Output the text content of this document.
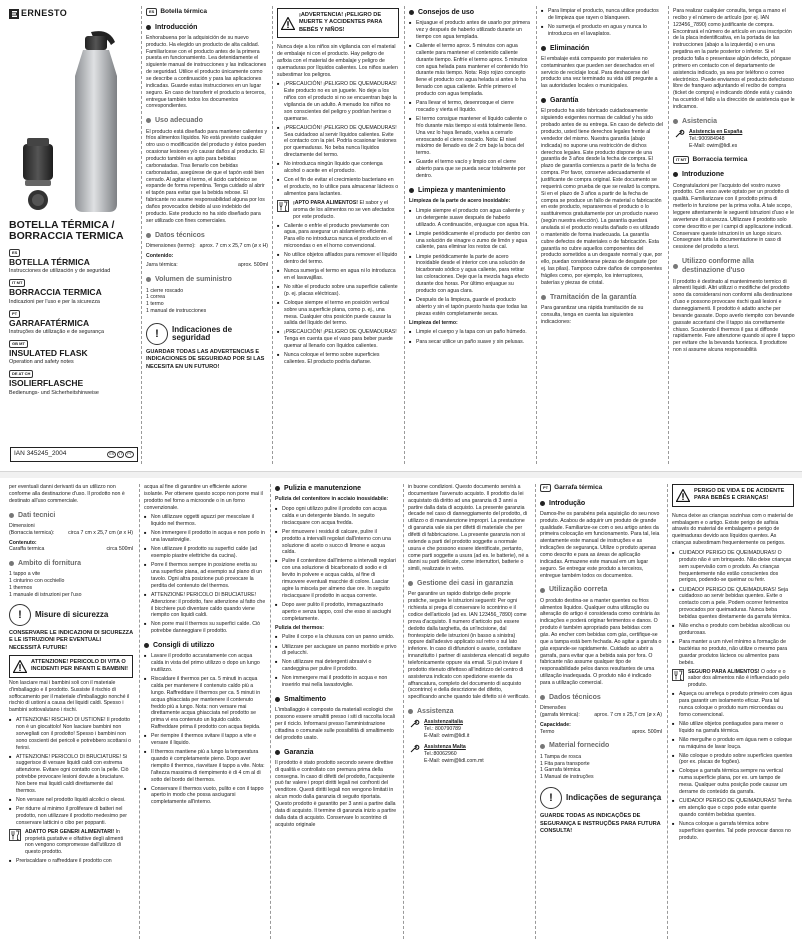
ERNESTO
BOTELLA TÉRMICA / BORRACCIA TERMICA
ES
BOTELLA TÉRMICA
Instrucciones de utilización y de seguridad
IT MT
BORRACCIA TERMICA
Indicazioni per l'uso e per la sicurezza
PT
GARRAFATÉRMICA
Instruções de utilização e de segurança
GB MT
INSULATED FLASK
Operation and safety notes
DE AT CH
ISOLIERFLASCHE
Bedienungs- und Sicherheitshinweise
IAN 345245_2004	ES	IT	PT
ES Botella térmica
Introducción

Enhorabuena por la adquisición de su nuevo producto. Ha elegido un producto de alta calidad. Familiarícese con el producto antes de la primera puesta en funcionamiento. Lea detenidamente el siguiente manual de instrucciones y las indicaciones de seguridad. Utilice el producto únicamente como se describe a continuación y para las aplicaciones indicadas. Guarde estas instrucciones en un lugar seguro. En caso de transferir el producto a terceros, entregue también todos los documentos correspondientes.

Uso adecuado

El producto está diseñado para mantener calientes y fríos alimentos líquidos. No está previsto cualquier otro uso o modificación del producto y éstos pueden ocasionar lesiones y/o causar daños al producto. El producto también es apto para bebidas carbonatadas. Tras llenarlo con bebidas carbonatadas, asegúrese de que el tapón esté bien cerrado. Al agitar el termo, el ácido carbónico se expande de forma repentina. Tenga cuidado al abrir el tapón para evitar que la bebida rebose. El fabricante no asume responsabilidad alguna por los daños provocados debido al uso indebido del producto. Este producto no ha sido diseñado para ser utilizado con fines comerciales.

Datos técnicos
Dimensiones (termo): aprox. 7 cm x 25,7 cm (ø x H)

Contenido:

Jarra térmica:	aprox. 500ml
Volumen de suministro
1 cierre roscado
1 correa
1 termo
1 manual de instrucciones
!	Indicaciones de seguridad

GUARDAR TODAS LAS ADVERTENCIAS E INDICACIONES DE SEGURIDAD POR SI LAS NECESITA EN UN FUTURO!

¡ADVERTENCIA! ¡PELIGRO DE MUERTE Y ACCIDENTES PARA BEBÉS Y NIÑOS!

Nunca deje a los niños sin vigilancia con el material de embalaje ni con el producto. Hay peligro de asfixia con el material de embalaje y peligro de quemaduras por líquidos calientes. Los niños suelen subestimar los peligros.

■ ¡PRECAUCIÓN! ¡PELIGRO DE QUEMADURAS! Este producto no es un juguete. No deje a los niños con el producto si no se encuentran bajo la vigilancia de un adulto. A menudo los niños no son conscientes del peligro y podrían herirse o quemarse.
■ ¡PRECAUCIÓN! ¡PELIGRO DE QUEMADURAS! Sea cuidadoso al servir líquidos calientes. Evite el contacto con la piel. Podría ocasionar lesiones por quemaduras. No beba nunca líquidos directamente del termo.
■ No introduzca ningún líquido que contenga alcohol o aceite en el producto.
■ Con el fin de evitar el crecimiento bacteriano en el producto, no lo utilice para almacenar lácteos o alimentos para lactantes.
¡APTO PARA ALIMENTOS! El sabor y el aroma de los alimentos no se ven afectados por este producto.
■ Caliente o enfríe el producto previamente con agua, para asegurar un aislamiento eficiente. Para ello no introduzca nunca el producto en el microondas o en el horno convencional.
■ No utilice objetos afilados para remover el líquido dentro del termo.
■ Nunca sumerja el termo en agua ni lo introduzca en el lavavajillas.
■ No sitúe el producto sobre una superficie caliente (p. ej. placas eléctricas).
■ Coloque siempre el termo en posición vertical sobre una superficie plana, como p. ej., una mesa. Cualquier otra posición puede causar la salida del líquido del termo.
■ ¡PRECAUCIÓN! ¡PELIGRO DE QUEMADURAS! Tenga en cuenta que el vaso para beber puede quemar al llenarlo con líquidos calientes.
■ Nunca coloque el termo sobre superficies calientes. El producto podría dañarse.
Consejos de uso
■ Enjuague el producto antes de usarlo por primera vez y después de haberlo utilizado durante un tiempo con agua templada.
■ Caliente el termo aprox. 5 minutos con agua caliente para mantener el contenido caliente durante tiempo. Enfríe el termo aprox. 5 minutos con agua helada para mantener el contenido frío durante más tiempo. Nota: Rojo rojizo concepto llene el producto con agua helada si antes lo ha llenado con agua caliente. Enfríe primero el producto con agua templada.
■ Para llevar el termo, desenrosque el cierre roscado y vierta el líquido.
■ El termo consigue mantener el líquido caliente o frío durante más tiempo si está totalmente lleno. Una vez lo haya llenado, vuelva a cerrarlo enroscando el cierre roscado. Nota: El nivel máximo de llenado es de 2 cm bajo la boca del termo.
■ Guarde el termo vacío y limpio con el cierre abierto para que se pueda secar totalmente por dentro.
Limpieza y mantenimiento

Limpieza de la parte de acero inoxidable:

■ Limpie siempre el producto con agua caliente y un detergente suave después de haberlo utilizado. A continuación, enjuague con agua fría.
■ Limpie periódicamente el producto por dentro con una solución de vinagre o zumo de limón y agua caliente, para eliminar los restos de cal.
■ Limpie periódicamente la parte de acero inoxidable desde el interior con una solución de bicarbonato sódico y agua caliente, para retirar las coloraciones. Deje que la mezcla haga efecto durante dos horas. Por último enjuague su producto con agua clara.
■ Después de la limpieza, guarde el producto abierto y sin el tapón puesto hasta que todas las piezas estén completamente secas.

Limpieza del termo:

■ Limpie el cuerpo y la tapa con un paño húmedo.
■ Para secar utilice un paño suave y sin pelusas.
■ Para limpiar el producto, nunca utilice productos de limpieza que rayen o blanqueen.
■ No sumerja el producto en agua y nunca lo introduzca en el lavaplatos.
Eliminación

El embalaje está compuesto por materiales no contaminantes que pueden ser desechados en el servicio de reciclaje local. Para deshacerse del producto una vez terminado su vida útil pregunte a las autoridades locales o municipales.

Garantía

El producto ha sido fabricado cuidadosamente siguiendo exigentes normas de calidad y ha sido probado antes de su entrega. En caso de defecto del producto, usted tiene derechos legales frente al vendedor del mismo. Nuestra garantía (abajo indicada) no supone una restricción de dichos derechos legales. Este producto dispone de una garantía de 3 años desde la fecha de compra. El plazo de garantía comienza a partir de la fecha de compra. Por favor, conserve adecuadamente el justificante de compra original. Este documento se requerirá como prueba de que se realizó la compra. Si en el plazo de 3 años a partir de la fecha de compra se produce un fallo de material o fabricación en este producto, repararemos el producto o lo sustituiremos gratuitamente por un producto nuevo (según nuestra elección). La garantía quedará anulada si el producto resulta dañado o es utilizado o mantenido de forma inadecuada. La garantía cubre defectos de materiales o de fabricación. Esta garantía no cubre aquellos componentes del producto sometidos a un desgaste normal y que, por ello, puedan considerarse piezas de desgaste (por ej. las pilas). Tampoco cubre daños de componentes frágiles como, por ejemplo, los interruptores, baterías y piezas de cristal.

Tramitación de la garantía

Para garantizar una rápida tramitación de su consulta, tenga en cuenta las siguientes indicaciones:

Para realizar cualquier consulta, tenga a mano el recibo y el número de artículo (por ej. IAN 123456_7890) como justificante de compra. Encontrará el número de artículo en una inscripción de la placa indentificativa, en la portada de las instrucciones (abajo a la izquierda) o en una pegatina en la parte posterior o inferior. Si el producto falla o presentase algún defecto, póngase primero en contacto con el departamento de asistencia indicado, ya sea por teléfono o correo electrónico. Puede enviarnos el producto defectuoso libre de franqueo adjuntando el recibo de compra (ticket de compra) e indicando dónde está y cuándo ha ocurrido el fallo a la dirección de asistencia que le indicamos.

Asistencia
Asistencia en España
Tel.:900984948
E-Mail: owim@lidl.es
IT MT Borraccia termica
Introduzione

Congratulazioni per l'acquisto del vostro nuovo prodotto. Con esso avete optato per un prodotto di qualità. Familiarizzare con il prodotto prima di metterlo in funzione per la prima volta. A tale scopo, leggere attentamente le seguenti istruzioni d'uso e le avvertenze di sicurezza. Utilizzare il prodotto solo come descritto e per i campi di applicazione indicati. Conservare queste istruzioni in un luogo sicuro. Consegnare tutta la documentazione in caso di cessione del prodotto a terzi.

Utilizzo conforme alla destinazione d'uso

Il prodotto è destinato al mantenimento termico di alimenti liquidi. Altri utilizzi o modifiche del prodotto sono da considerarsi non conformi alla destinazione d'uso e possono provocare rischi quali lesioni e danneggiamenti. Il prodotto è adatto anche per bevande gassate. Dopo averlo riempito con bevande gassate accertarsi che il tappo sia correttamente chiuso. Scuotendo il thermos il gas si diffonde rapidamente. Fare attenzione quando si apre il tappo per evitare che la bevanda fuoriesca. Il produttore non si assume alcuna responsabilità

per eventuali danni derivanti da un utilizzo non conforme alla destinazione d'uso. Il prodotto non è destinato all'uso commerciale.

Dati tecnici

Dimensioni

(Borraccia termica):	circa 7 cm x 25,7 cm (ø x H)

Contenuto:

Caraffa termica	circa 500ml
Ambito di fornitura
1 tappo a vite
1 cinturino con occhiello
1 thermos
1 manuale di istruzioni per l'uso
!	Misure di sicurezza

CONSERVARE LE INDICAZIONI DI SICUREZZA E LE ISTRUZIONI PER EVENTUALI NECESSITÀ FUTURE!

ATTENZIONE! PERICOLO DI VITA O INCIDENTI PER INFANTI E BAMBINI!

Non lasciare mai i bambini soli con il materiale d'imballaggio e il prodotto. Sussiste il rischio di soffocamento per il materiale d'imballaggio nonché il rischio di ustioni a causa dei liquidi caldi. Spesso i bambini sottovalutano i rischi.

■ ATTENZIONE! RISCHIO DI USTIONE! Il prodotto non è un giocattolo! Non lasciare bambini non sorvegliati con il prodotto! Spesso i bambini non sono coscienti dei pericoli e potrebbero scottarsi o ferirsi.
■ ATTENZIONE! PERICOLO DI BRUCIATURE! Si suggerisce di versare liquidi caldi con estrema attenzione. Evitare ogni contatto con la pelle. Ciò potrebbe provocare lesioni dovute a bruciature. Non bere mai liquidi caldi direttamente dal thermos.
■ Non versare nel prodotto liquidi alcolici o oleosi.
■ Per ridurre al minimo il proliferare di batteri nel prodotto, non utilizzare il prodotto medesimo per conservare latticini o cibo per poppanti.
ADATTO PER GENERI ALIMENTARI! In proprietà gustative e olfattive degli alimenti non vengono compromesse dall'utilizzo di questo prodotto.
■ Preriscaldare o raffreddare il prodotto con

acqua al fine di garantire un efficiente azione isolante. Per ottenere questo scopo non porre mai il prodotto nel forno a microonde o in un forno convenzionale.

■ Non utilizzare oggetti aguzzi per mescolare il liquido nel thermos.
■ Non immergere il prodotto in acqua e non porlo in una lavastoviglie.
■ Non utilizzare il prodotto su superfici calde (ad esempio piastre elettriche da cucina).
■ Porre il thermos sempre in posizione eretta su una superficie piana, ad esempio sul piano di un tavolo. Ogni altra posizione può provocare la perdita del contenuto del thermos.
■ ATTENZIONE! PERICOLO DI BRUCIATURE! Attenzione: il prodotto, fare attenzione al fatto che il bicchiere può diventare caldo quando viene riempito con liquidi caldi.
■ Non porre mai il thermos su superfici calde. Ciò potrebbe danneggiare il prodotto.
Consigli di utilizzo
■ Lavare il prodotto accuratamente con acqua calda in vista del primo utilizzo o dopo un lungo inutilizzo.
■ Riscaldare il thermos per ca. 5 minuti in acqua calda per mantenere il contenuto caldo più a lungo. Raffreddare il thermos per ca. 5 minuti in acqua ghiacciata per mantenere il contenuto freddo più a lungo. Nota: non versare mai direttamente acqua ghiacciata nel prodotto se prima vi era contenuto un liquido caldo. Raffreddare prima il prodotto con acqua tiepida.
■ Per riempire il thermos svitare il tappo a vite e versare il liquido.
■ Il thermos mantiene più a lungo la temperatura quando è completamente pieno. Dopo aver riempito il thermos, riavvitare il tappo a vite. Nota: l'altezza massima di riempimento è di 4 cm al di sotto del bordo del thermos.
■ Conservare il thermos vuoto, pulito e con il tappo aperto in modo che possa asciugarsi completamente all'interno.
Pulizia e manutenzione

Pulizia del contenitore in acciaio inossidabile:

■ Dopo ogni utilizzo pulire il prodotto con acqua calda e un detergente blando. In seguito risciacquare con acqua fredda.
■ Per rimuovere i residui di calcare, pulire il prodotto a intervalli regolari dall'interno con una soluzione di aceto o succo di limone e acqua calda.
■ Pulire il contenitore dall'interno a intervalli regolari con una soluzione di bicarbonato di sodio e di lievito in polvere e acqua calda, al fine di rimuovere eventuali macchie di colore. Lasciar agire la miscela per almeno due ore. In seguito risciacquare il prodotto in acqua corrente.
■ Dopo aver pulito il prodotto, immagazzinarlo aperto e senza tappo, così che esso si asciughi completamente.

Pulizia del thermos:

■ Pulire il corpo e la chiusura con un panno umido.
■ Utilizzare per asciugare un panno morbido e privo di pelucchi.
■ Non utilizzare mai detergenti abrasivi o candeggina per pulire il prodotto.
■ Non immergere mai il prodotto in acqua e non inserirlo mai nella lavastoviglie.
Smaltimento

L'imballaggio è composto da materiali ecologici che possono essere smaltiti presso i siti di raccolta locali per il riciclo. Informarsi presso l'amministrazione cittadina o comunale sulle possibilità di smaltimento del prodotto usato.

Garanzia

Il prodotto è stato prodotto secondo severe direttive di qualità e controllato con premura prima della consegna. In caso di difetti del prodotto, l'acquirente può far valere i propri diritti legali nei confronti del venditore. Questi diritti legali non vengono limitati in alcun modo dalla garanzia di seguito riportata. Questo prodotto è garantito per 3 anni a partire dalla data di acquisto. Il termine di garanzia inizio a partire dalla data di acquisto. Conservare lo scontrino di acquisto originale

in buone condizioni. Questo documento servirà a documentare l'avvenuto acquisto. Il prodotto da lei acquistato dà diritto ad una garanzia di 3 anni a partire dalla data di acquisto. La presente garanzia decade nel caso di danneggiamento del prodotto, di utilizzo o di manutenzione impropri. La prestazione di garanzia vale sia per difetti di materiale che per difetti di fabbricazione. La presente garanzia non si estende a parti del prodotto soggette a normale usura e che possono essere identificate, pertanto, come parti soggette a usura (ad es. le batterie), né a danni su parti delicate, come interruttori, batterie o simili, realizzate in vetro.

Gestione dei casi in garanzia

Per garantire un rapido disbrigo delle proprie pratiche, seguire le istruzioni seguenti: Per ogni richiesta si prega di conservare lo scontrino e il codice dell'articolo (ad es. IAN 123456_7890) come prova d'acquisto. Il numero d'articolo può essere dedotto dalla targhetta, da un'incisione, dal frontespizio delle istruzioni (in basso a sinistra) oppure dall'adesivo applicato sul retro o sul lato inferiore. In caso di difunzioni o avarie, contattare innanzitutto i partner di assistenza elencati di seguito telefonicamente oppure via email. Si può inviare il prodotto ritenuto difettoso all'indirizzo del centro di assistenza indicato con spedizione esente da affrancatura, completo del documento di acquisto (scontrino) e della descrizione del difetto, specificando anche quando tale difetto si è verificato.

Assistenza
Assistenzaitalia
Tel.: 800790789
E-Mail: owim@lidl.it
Assistenza Malta
Tel.:80062960
E-Mail: owim@lidl.com.mt
PT Garrafa térmica
Introdução

Damos-lhe os parabéns pela aquisição do seu novo produto. Acabou de adquirir um produto de grande qualidade. Familiarize-se com o seu artigo antes da primeira colocação em funcionamento. Para tal, leia atentamente este manual de instruções e as indicações de segurança. Utilize o produto apenas como descrito e para as áreas de aplicação indicadas. Armazene este manual em um lugar seguro. Se entregar este produto a terceiros, entregue também todos os documentos.

Utilização correta

O produto destina-se a manter quentes ou frios alimentos líquidos. Qualquer outra utilização ou alteração do artigo é considerada como contrária às indicações e poderá originar ferimentos e danos. O produto é também apropriado para bebidas com gás. Ao encher com bebidas com gás, certifique-se que a tampa está bem fechada. Ao agitar a garrafa o gás expande-se rapidamente. Cuidado ao abrir a garrafa, para evitar que a bebida saia por fora. O fabricante não assume qualquer tipo de responsabilidade pelos danos resultantes de uma utilização inadequada. O produto não é indicado para a utilização comercial.

Dados técnicos

Dimensões

(garrafa térmica):	aprox. 7 cm x 25,7 cm (ø x A)

Capacidade:

Termo	aprox. 500ml
Material fornecido
1 Tampa de rosca
1 Fita para transporte
1 Garrafa térmica
1 Manual de instruções
!	Indicações de segurança

GUARDE TODAS AS INDICAÇÕES DE SEGURANÇA E INSTRUÇÕES PARA FUTURA CONSULTA!

PERIGO DE VIDA E DE ACIDENTE PARA BEBÉS E CRIANÇAS!

Nunca deixe as crianças sozinhas com o material de embalagem e o artigo. Existe perigo de asfixia através do material de embalagem e perigo de queimaduras devido aos líquidos quentes. As crianças subestimam frequentemente os perigos.

■ CUIDADO! PERIGO DE QUEIMADURAS! O produto não é um brinquedo. Não deixe crianças sem supervisão com o produto. As crianças frequentemente não estão conscientes dos perigos, podendo-se queimar ou ferir.
■ CUIDADO! PERIGO DE QUEIMADURAS! Seja cuidadoso ao servir bebidas quentes. Evite o contacto com a pele. Podem ocorrer ferimentos provocados por queimaduras. Nunca beba bebidas quentes diretamente da garrafa térmica.
■ Não encha o produto com bebidas alcoólicas ou gordurosas.
■ Para manter a um nível mínimo a formação de bactérias no produto, não utilize o mesmo para guardar produtos lácteos ou alimentos para bebés.
SEGURO PARA ALIMENTOS! O odor e o sabor dos alimentos não é influenciado pelo produto.
■ Aqueça ou arrefeça o produto primeiro com água para garantir um isolamento eficaz. Para tal nunca coloque o produto num microondas ou forno convencional.
■ Não utilize objetos pontiagudos para mexer o líquido na garrafa térmica.
■ Não mergulhe o produto em água nem o coloque na máquina de lavar louça.
■ Não coloque o produto sobre superfícies quentes (por ex. placas de fogões).
■ Coloque a garrafa térmica sempre na vertical numa superfície plana, por ex. um tampo de mesa. Qualquer outra posição pode causar um derrame do conteúdo da garrafa.
■ CUIDADO! PERIGO DE QUEIMADURAS! Tenha em atenção que o copo pode estar quente quando contém bebidas quentes.
■ Nunca coloque a garrafa térmica sobre superfícies quentes. Tal pode provocar danos no produto.
